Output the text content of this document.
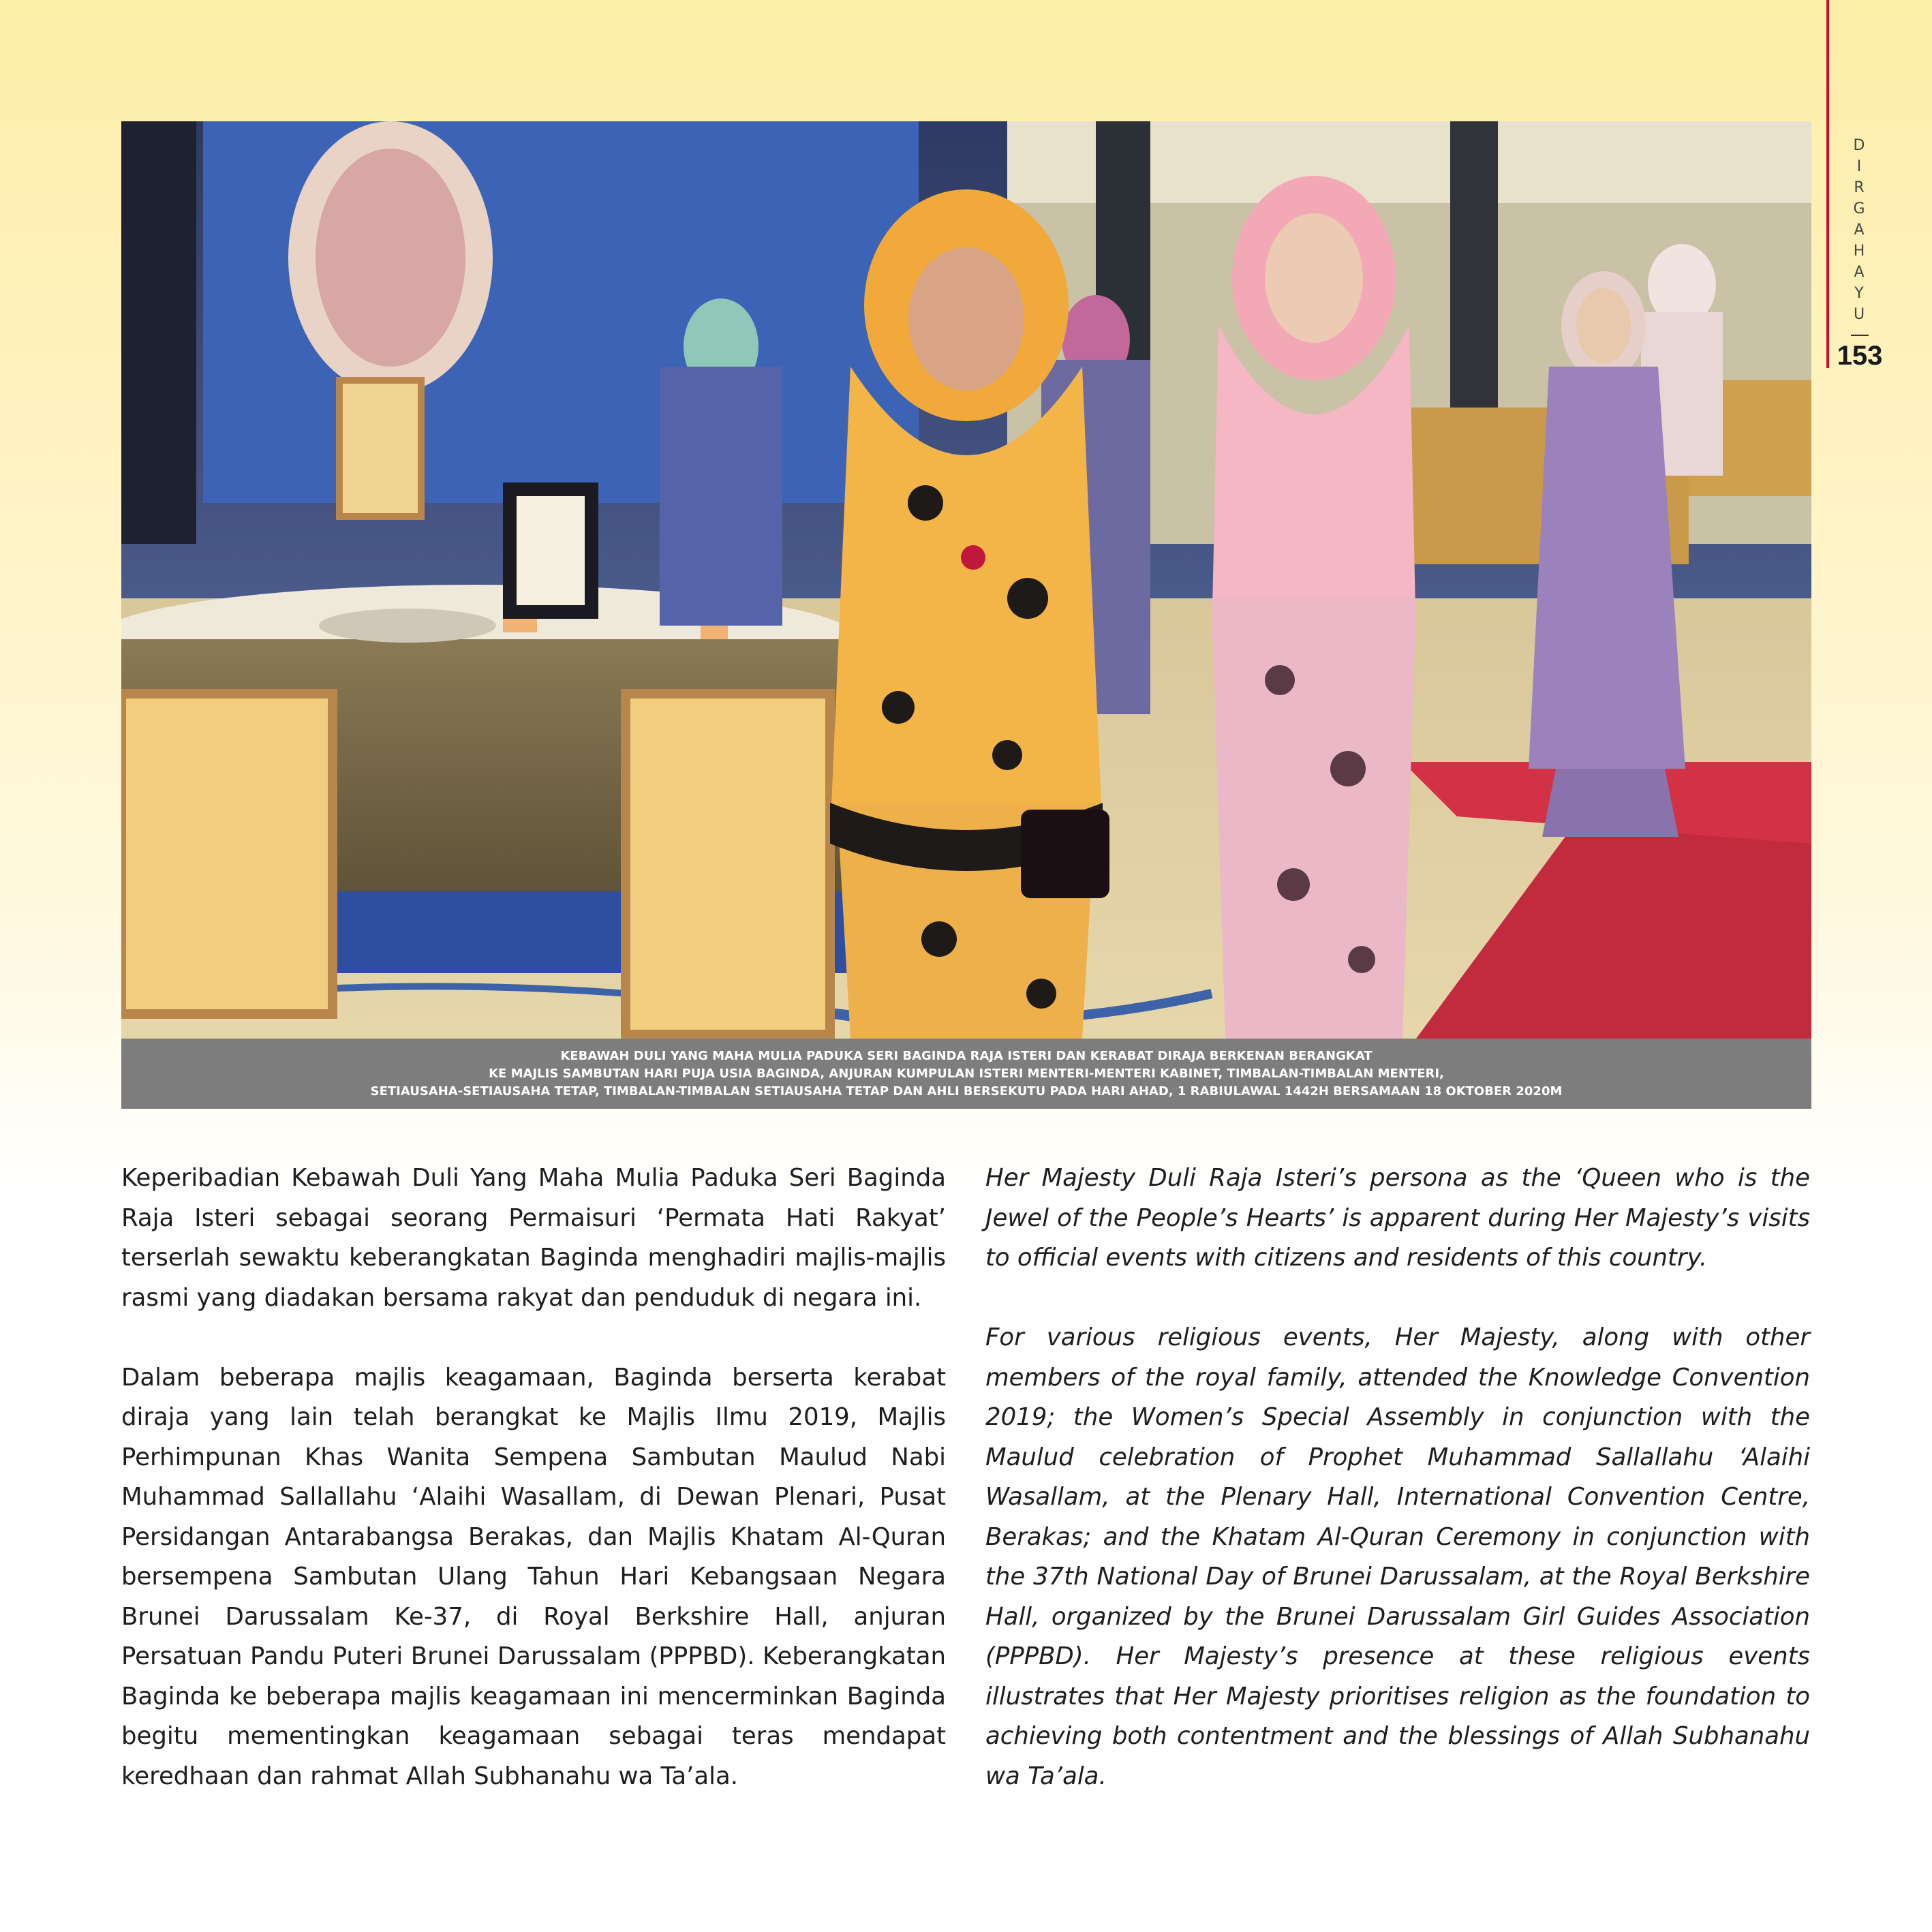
D
I
R
G
A
H
A
Y
U
153
KEBAWAH DULI YANG MAHA MULIA PADUKA SERI BAGINDA RAJA ISTERI DAN KERABAT DIRAJA BERKENAN BERANGKAT
KE MAJLIS SAMBUTAN HARI PUJA USIA BAGINDA, ANJURAN KUMPULAN ISTERI MENTERI-MENTERI KABINET, TIMBALAN-TIMBALAN MENTERI,
SETIAUSAHA-SETIAUSAHA TETAP, TIMBALAN-TIMBALAN SETIAUSAHA TETAP DAN AHLI BERSEKUTU PADA HARI AHAD, 1 RABIULAWAL 1442H BERSAMAAN 18 OKTOBER 2020M

Keperibadian Kebawah Duli Yang Maha Mulia Paduka Seri Baginda Raja Isteri sebagai seorang Permaisuri ‘Permata Hati Rakyat’ terserlah sewaktu keberangkatan Baginda menghadiri majlis-majlis rasmi yang diadakan bersama rakyat dan penduduk di negara ini.

Dalam beberapa majlis keagamaan, Baginda berserta kerabat diraja yang lain telah berangkat ke Majlis Ilmu 2019, Majlis Perhimpunan Khas Wanita Sempena Sambutan Maulud Nabi Muhammad Sallallahu ‘Alaihi Wasallam, di Dewan Plenari, Pusat Persidangan Antarabangsa Berakas, dan Majlis Khatam Al-Quran bersempena Sambutan Ulang Tahun Hari Kebangsaan Negara Brunei Darussalam Ke-37, di Royal Berkshire Hall, anjuran Persatuan Pandu Puteri Brunei Darussalam (PPPBD). Keberangkatan Baginda ke beberapa majlis keagamaan ini mencerminkan Baginda begitu mementingkan keagamaan sebagai teras mendapat keredhaan dan rahmat Allah Subhanahu wa Ta’ala.

Her Majesty Duli Raja Isteri’s persona as the ‘Queen who is the Jewel of the People’s Hearts’ is apparent during Her Majesty’s visits to official events with citizens and residents of this country.

For various religious events, Her Majesty, along with other members of the royal family, attended the Knowledge Convention 2019; the Women’s Special Assembly in conjunction with the Maulud celebration of Prophet Muhammad Sallallahu ‘Alaihi Wasallam, at the Plenary Hall, International Convention Centre, Berakas; and the Khatam Al-Quran Ceremony in conjunction with the 37th National Day of Brunei Darussalam, at the Royal Berkshire Hall, organized by the Brunei Darussalam Girl Guides Association (PPPBD). Her Majesty’s presence at these religious events illustrates that Her Majesty prioritises religion as the foundation to achieving both contentment and the blessings of Allah Subhanahu wa Ta’ala.
